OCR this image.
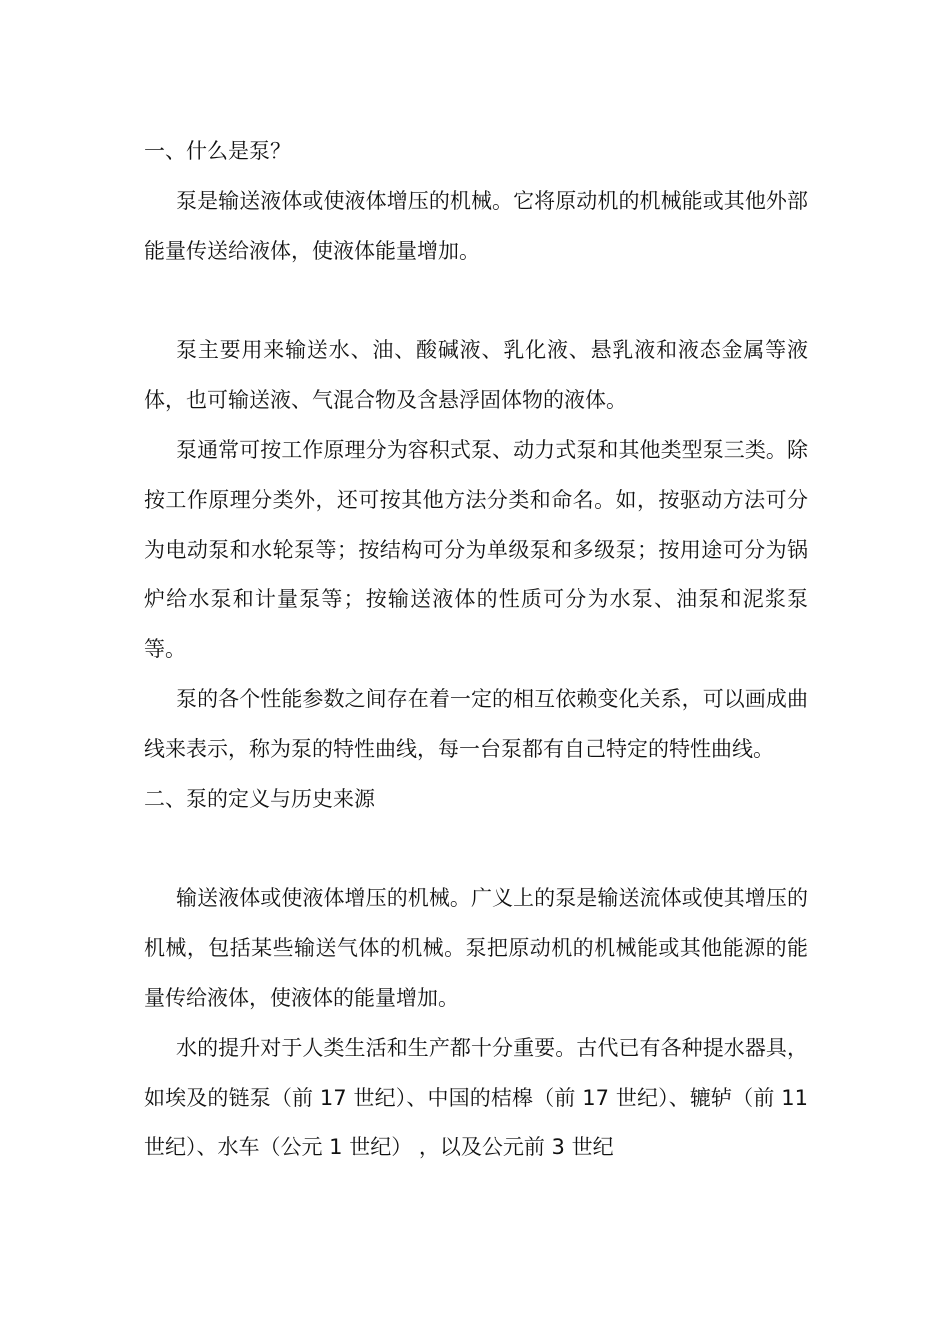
一、什么是泵？

泵是输送液体或使液体增压的机械。它将原动机的机械能或其他外部能量传送给液体，使液体能量增加。

泵主要用来输送水、油、酸碱液、乳化液、悬乳液和液态金属等液体，也可输送液、气混合物及含悬浮固体物的液体。

泵通常可按工作原理分为容积式泵、动力式泵和其他类型泵三类。除按工作原理分类外，还可按其他方法分类和命名。如，按驱动方法可分为电动泵和水轮泵等；按结构可分为单级泵和多级泵；按用途可分为锅炉给水泵和计量泵等；按输送液体的性质可分为水泵、油泵和泥浆泵等。

泵的各个性能参数之间存在着一定的相互依赖变化关系，可以画成曲线来表示，称为泵的特性曲线，每一台泵都有自己特定的特性曲线。

二、泵的定义与历史来源

输送液体或使液体增压的机械。广义上的泵是输送流体或使其增压的机械，包括某些输送气体的机械。泵把原动机的机械能或其他能源的能量传给液体，使液体的能量增加。

水的提升对于人类生活和生产都十分重要。古代已有各种提水器具，如埃及的链泵（前 17 世纪）、中国的桔槔（前 17 世纪）、辘轳（前 11 世纪）、水车（公元 1 世纪） ，以及公元前 3 世纪
